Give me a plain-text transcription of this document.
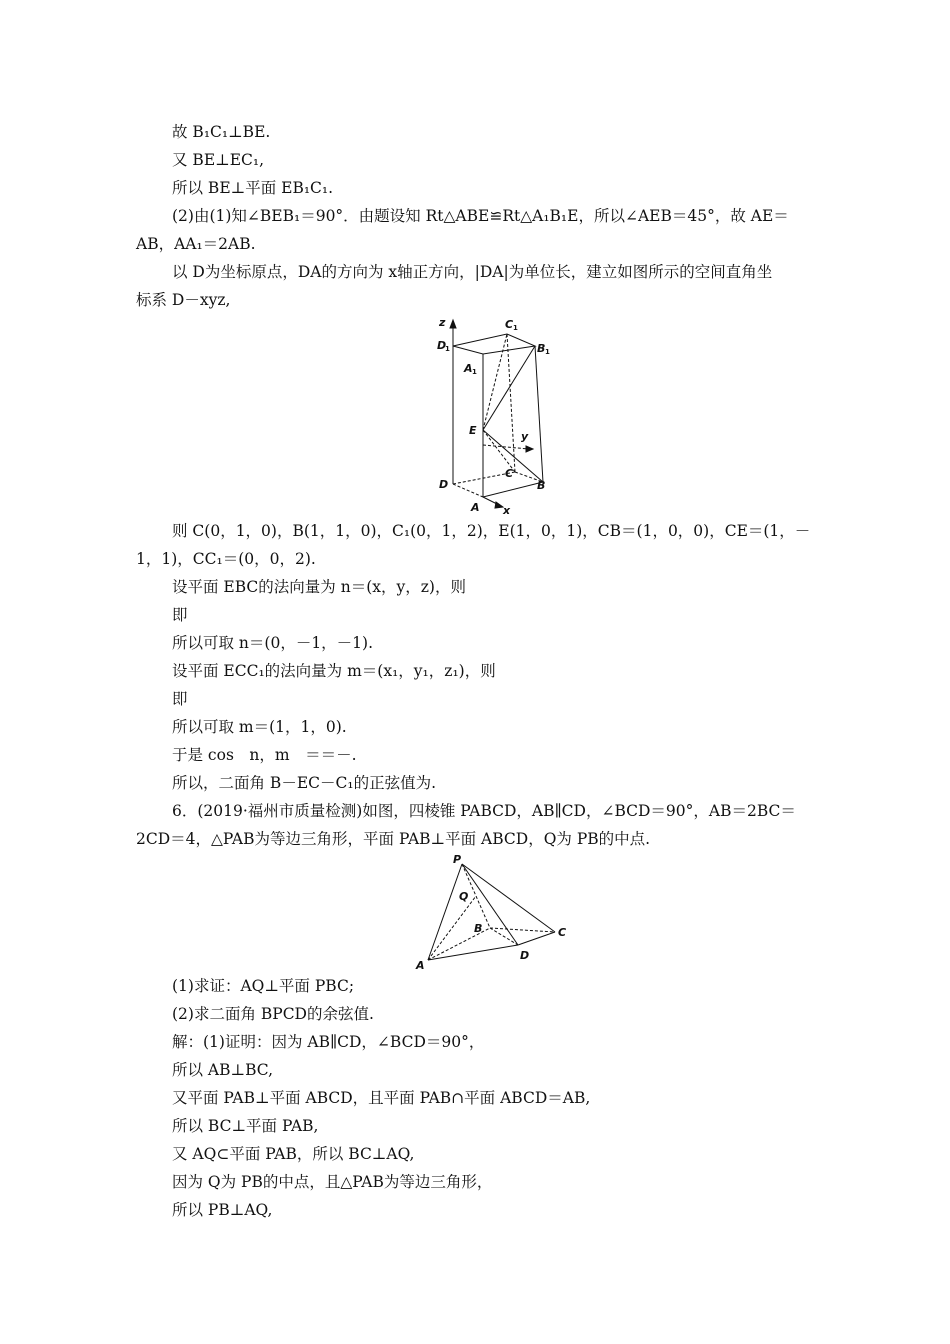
故 B₁C₁⊥BE.
又 BE⊥EC₁,
所以 BE⊥平面 EB₁C₁.
(2)由(1)知∠BEB₁＝90°．由题设知 Rt△ABE≌Rt△A₁B₁E，所以∠AEB＝45°，故 AE＝
AB，AA₁＝2AB.
以 D为坐标原点，DA的方向为 x轴正方向，|DA|为单位长，建立如图所示的空间直角坐
标系 D－xyz,
z
D
1
C 1
B 1
A 1
E	y
C
D	B
A x
则 C(0，1，0)，B(1，1，0)，C₁(0，1，2)，E(1，0，1)，CB＝(1，0，0)，CE＝(1，－
1，1)，CC₁＝(0，0，2).
设平面 EBC的法向量为 n＝(x，y，z)，则
即
所以可取 n＝(0，－1，－1).
设平面 ECC₁的法向量为 m＝(x₁，y₁，z₁)，则
即
所以可取 m＝(1，1，0).
于是 cos　n，m　＝＝－.
所以，二面角 B－EC－C₁的正弦值为.
6．(2019·福州市质量检测)如图，四棱锥 PABCD，AB∥CD，∠BCD＝90°，AB＝2BC＝
2CD＝4，△PAB为等边三角形，平面 PAB⊥平面 ABCD，Q为 PB的中点.
P
Q
B	C
D
A
(1)求证：AQ⊥平面 PBC;
(2)求二面角 BPCD的余弦值.
解：(1)证明：因为 AB∥CD，∠BCD＝90°，
所以 AB⊥BC,
又平面 PAB⊥平面 ABCD，且平面 PAB∩平面 ABCD＝AB,
所以 BC⊥平面 PAB,
又 AQ⊂平面 PAB，所以 BC⊥AQ,
因为 Q为 PB的中点，且△PAB为等边三角形，
所以 PB⊥AQ,
